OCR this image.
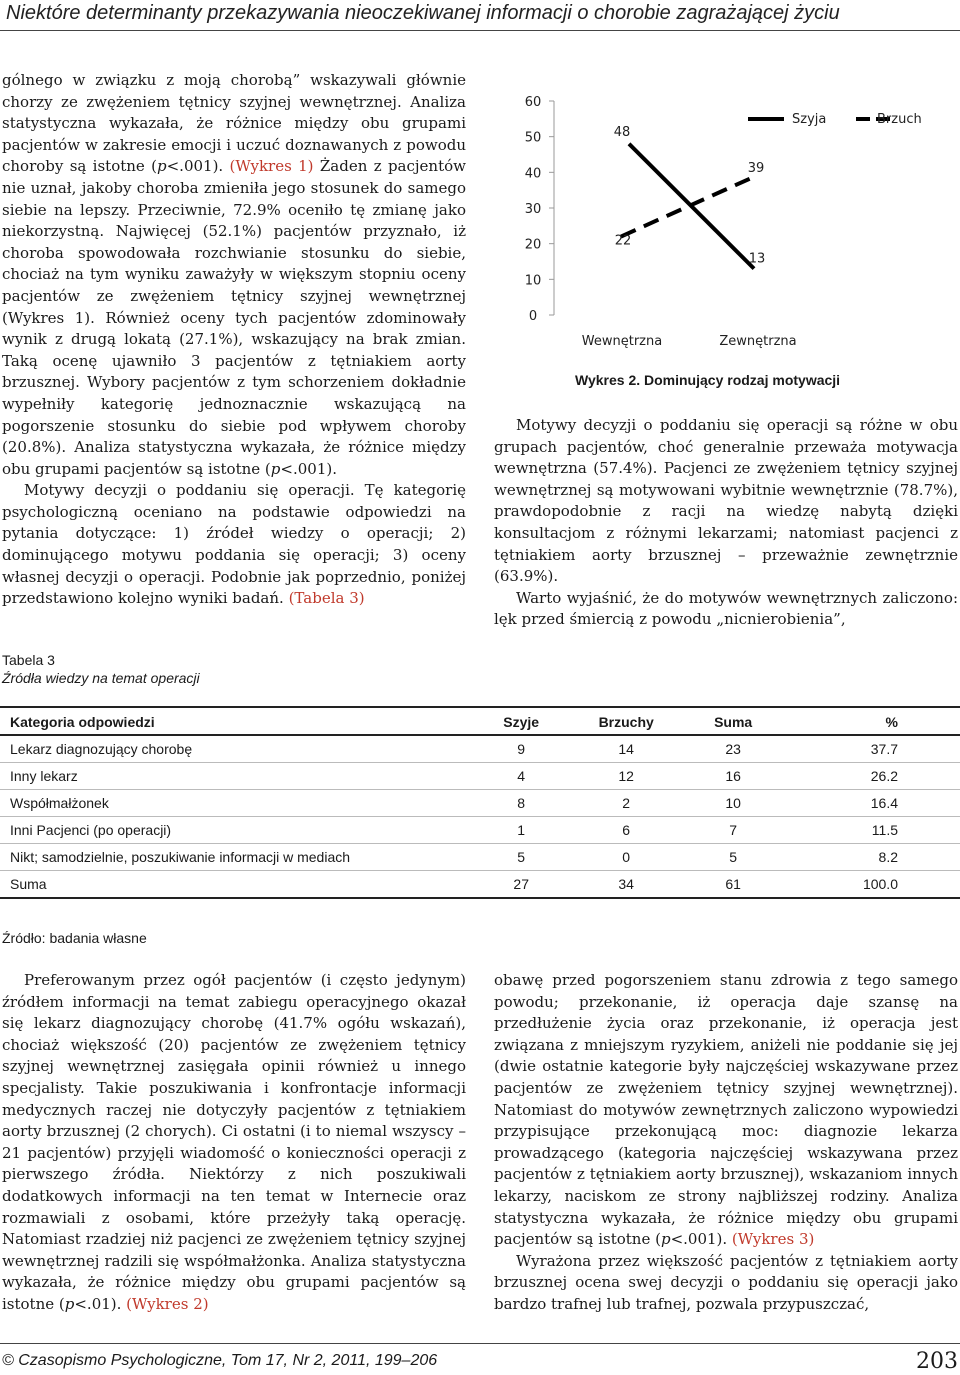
Niektóre determinanty przekazywania nieoczekiwanej informacji o chorobie zagrażającej życiu

gólnego w związku z moją chorobą” wskazywali głównie chorzy ze zwężeniem tętnicy szyjnej wewnętrznej. Analiza statystyczna wykazała, że różnice między obu grupami pacjentów w zakresie emocji i uczuć doznawanych z powodu choroby są istotne (p<.001). (Wykres 1) Żaden z pacjentów nie uznał, jakoby choroba zmieniła jego stosunek do samego siebie na lepszy. Przeciwnie, 72.9% oceniło tę zmianę jako niekorzystną. Najwięcej (52.1%) pacjentów przyznało, iż choroba spowodowała rozchwianie stosunku do siebie, chociaż na tym wyniku zaważyły w większym stopniu oceny pacjentów ze zwężeniem tętnicy szyjnej wewnętrznej (Wykres 1). Również oceny tych pacjentów zdominowały wynik z drugą lokatą (27.1%), wskazujący na brak zmian. Taką ocenę ujawniło 3 pacjentów z tętniakiem aorty brzusznej. Wybory pacjentów z tym schorzeniem dokładnie wypełniły kategorię jednoznacznie wskazującą na pogorszenie stosunku do siebie pod wpływem choroby (20.8%). Analiza statystyczna wykazała, że różnice między obu grupami pacjentów są istotne (p<.001).

Motywy decyzji o poddaniu się operacji. Tę kategorię psychologiczną oceniano na podstawie odpowiedzi na pytania dotyczące: 1) źródeł wiedzy o operacji; 2) dominującego motywu poddania się operacji; 3) oceny własnej decyzji o operacji. Podobnie jak poprzednio, poniżej przedstawiono kolejno wyniki badań. (Tabela 3)

0
10
20
30
40
50
60
Wewnętrzna	Zewnętrzna
48
13
22
39
Szyja	Brzuch
Wykres 2. Dominujący rodzaj motywacji

Motywy decyzji o poddaniu się operacji są różne w obu grupach pacjentów, choć generalnie przeważa motywacja wewnętrzna (57.4%). Pacjenci ze zwężeniem tętnicy szyjnej wewnętrznej są motywowani wybitnie wewnętrznie (78.7%), prawdopodobnie z racji na wiedzę nabytą dzięki konsultacjom z różnymi lekarzami; natomiast pacjenci z tętniakiem aorty brzusznej – przeważnie zewnętrznie (63.9%).

Warto wyjaśnić, że do motywów wewnętrznych zaliczono: lęk przed śmiercią z powodu „nicnierobienia”,

Tabela 3
Źródła wiedzy na temat operacji
Kategoria odpowiedzi	Szyje	Brzuchy	Suma	%
Lekarz diagnozujący chorobę	9	14	23	37.7
Inny lekarz	4	12	16	26.2
Współmałżonek	8	2	10	16.4
Inni Pacjenci (po operacji)	1	6	7	11.5
Nikt; samodzielnie, poszukiwanie informacji w mediach	5	0	5	8.2
Suma	27	34	61	100.0
Źródło: badania własne

Preferowanym przez ogół pacjentów (i często jedynym) źródłem informacji na temat zabiegu operacyjnego okazał się lekarz diagnozujący chorobę (41.7% ogółu wskazań), chociaż większość (20) pacjentów ze zwężeniem tętnicy szyjnej wewnętrznej zasięgała opinii również u innego specjalisty. Takie poszukiwania i konfrontacje informacji medycznych raczej nie dotyczyły pacjentów z tętniakiem aorty brzusznej (2 chorych). Ci ostatni (i to niemal wszyscy – 21 pacjentów) przyjęli wiadomość o konieczności operacji z pierwszego źródła. Niektórzy z nich poszukiwali dodatkowych informacji na ten temat w Internecie oraz rozmawiali z osobami, które przeżyły taką operację. Natomiast rzadziej niż pacjenci ze zwężeniem tętnicy szyjnej wewnętrznej radzili się współmałżonka. Analiza statystyczna wykazała, że różnice między obu grupami pacjentów są istotne (p<.01). (Wykres 2)

obawę przed pogorszeniem stanu zdrowia z tego samego powodu; przekonanie, iż operacja daje szansę na przedłużenie życia oraz przekonanie, iż operacja jest związana z mniejszym ryzykiem, aniżeli nie poddanie się jej (dwie ostatnie kategorie były najczęściej wskazywane przez pacjentów ze zwężeniem tętnicy szyjnej wewnętrznej). Natomiast do motywów zewnętrznych zaliczono wypowiedzi przypisujące przekonującą moc: diagnozie lekarza prowadzącego (kategoria najczęściej wskazywana przez pacjentów z tętniakiem aorty brzusznej), wskazaniom innych lekarzy, naciskom ze strony najbliższej rodziny. Analiza statystyczna wykazała, że różnice między obu grupami pacjentów są istotne (p<.001). (Wykres 3)

Wyrażona przez większość pacjentów z tętniakiem aorty brzusznej ocena swej decyzji o poddaniu się operacji jako bardzo trafnej lub trafnej, pozwala przypuszczać,

© Czasopismo Psychologiczne, Tom 17, Nr 2, 2011, 199–206	203
